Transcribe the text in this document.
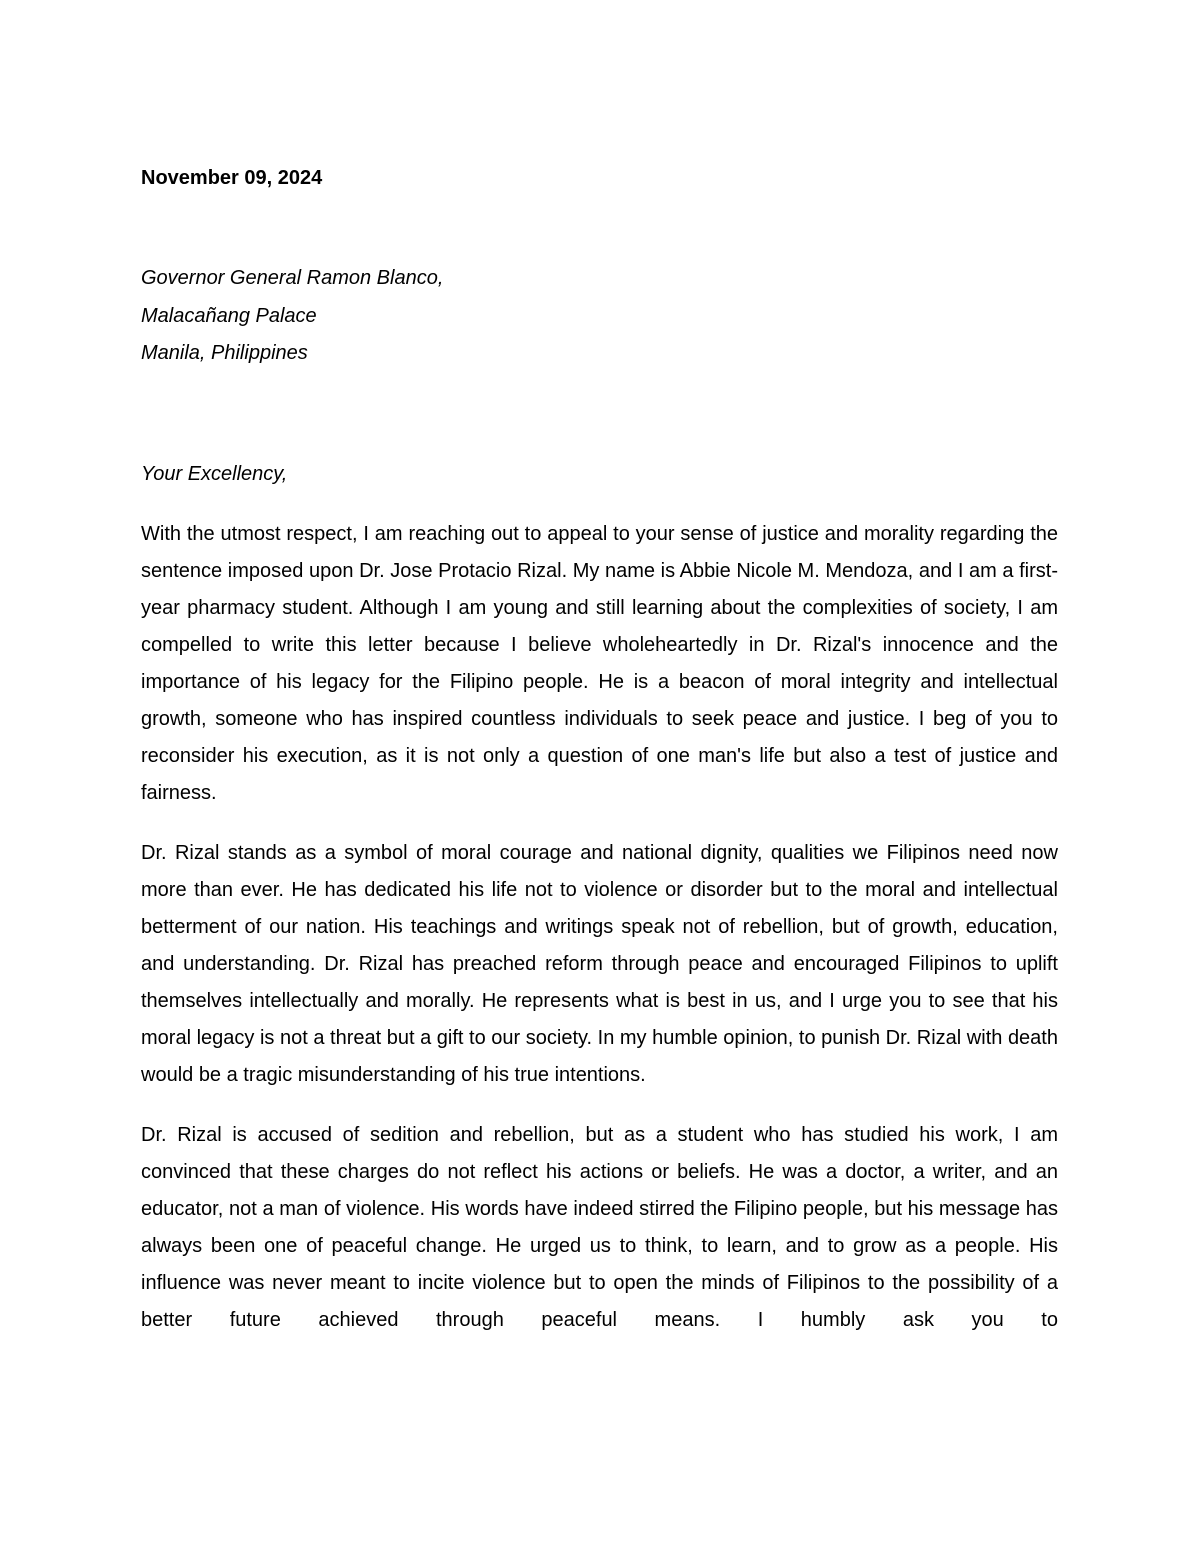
November 09, 2024
Governor General Ramon Blanco,
Malacañang Palace
Manila, Philippines
Your Excellency,

With the utmost respect, I am reaching out to appeal to your sense of justice and morality regarding the sentence imposed upon Dr. Jose Protacio Rizal. My name is Abbie Nicole M. Mendoza, and I am a first-year pharmacy student. Although I am young and still learning about the complexities of society, I am compelled to write this letter because I believe wholeheartedly in Dr. Rizal's innocence and the importance of his legacy for the Filipino people. He is a beacon of moral integrity and intellectual growth, someone who has inspired countless individuals to seek peace and justice. I beg of you to reconsider his execution, as it is not only a question of one man's life but also a test of justice and fairness.

Dr. Rizal stands as a symbol of moral courage and national dignity, qualities we Filipinos need now more than ever. He has dedicated his life not to violence or disorder but to the moral and intellectual betterment of our nation. His teachings and writings speak not of rebellion, but of growth, education, and understanding. Dr. Rizal has preached reform through peace and encouraged Filipinos to uplift themselves intellectually and morally. He represents what is best in us, and I urge you to see that his moral legacy is not a threat but a gift to our society. In my humble opinion, to punish Dr. Rizal with death would be a tragic misunderstanding of his true intentions.

Dr. Rizal is accused of sedition and rebellion, but as a student who has studied his work, I am convinced that these charges do not reflect his actions or beliefs. He was a doctor, a writer, and an educator, not a man of violence. His words have indeed stirred the Filipino people, but his message has always been one of peaceful change. He urged us to think, to learn, and to grow as a people. His influence was never meant to incite violence but to open the minds of Filipinos to the possibility of a better future achieved through peaceful means. I humbly ask you to
